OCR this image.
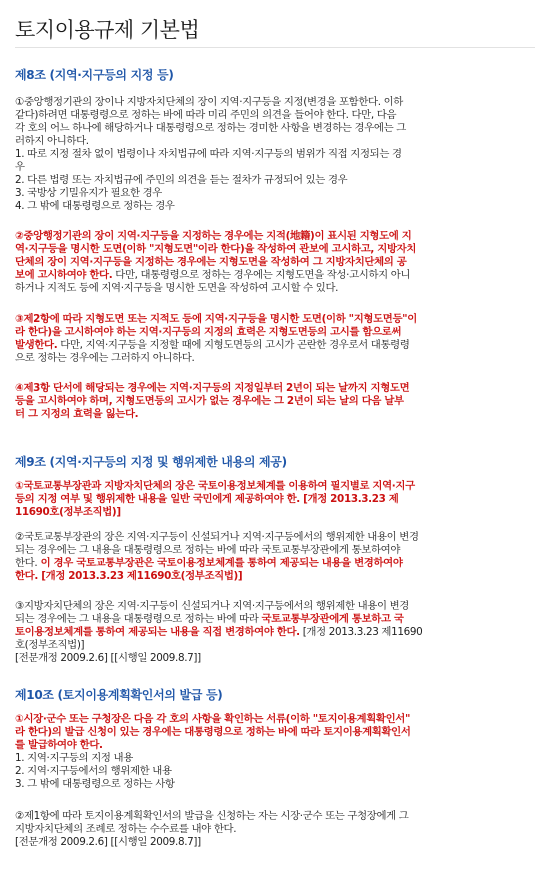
토지이용규제 기본법
제8조 (지역·지구등의 지정 등)
①중앙행정기관의 장이나 지방자치단체의 장이 지역·지구등을 지정(변경을 포함한다. 이하
같다)하려면 대통령령으로 정하는 바에 따라 미리 주민의 의견을 들어야 한다. 다만, 다음
각 호의 어느 하나에 해당하거나 대통령령으로 정하는 경미한 사항을 변경하는 경우에는 그
러하지 아니하다.
1. 따로 지정 절차 없이 법령이나 자치법규에 따라 지역·지구등의 범위가 직접 지정되는 경
우
2. 다른 법령 또는 자치법규에 주민의 의견을 듣는 절차가 규정되어 있는 경우
3. 국방상 기밀유지가 필요한 경우
4. 그 밖에 대통령령으로 정하는 경우
②중앙행정기관의 장이 지역·지구등을 지정하는 경우에는 지적(地籍)이 표시된 지형도에 지
역·지구등을 명시한 도면(이하 "지형도면"이라 한다)을 작성하여 관보에 고시하고, 지방자치
단체의 장이 지역·지구등을 지정하는 경우에는 지형도면을 작성하여 그 지방자치단체의 공
보에 고시하여야 한다. 다만, 대통령령으로 정하는 경우에는 지형도면을 작성·고시하지 아니
하거나 지적도 등에 지역·지구등을 명시한 도면을 작성하여 고시할 수 있다.
③제2항에 따라 지형도면 또는 지적도 등에 지역·지구등을 명시한 도면(이하 "지형도면등"이
라 한다)을 고시하여야 하는 지역·지구등의 지정의 효력은 지형도면등의 고시를 함으로써
발생한다. 다만, 지역·지구등을 지정할 때에 지형도면등의 고시가 곤란한 경우로서 대통령령
으로 정하는 경우에는 그러하지 아니하다.
④제3항 단서에 해당되는 경우에는 지역·지구등의 지정일부터 2년이 되는 날까지 지형도면
등을 고시하여야 하며, 지형도면등의 고시가 없는 경우에는 그 2년이 되는 날의 다음 날부
터 그 지정의 효력을 잃는다.
제9조 (지역·지구등의 지정 및 행위제한 내용의 제공)
①국토교통부장관과 지방자치단체의 장은 국토이용정보체계를 이용하여 필지별로 지역·지구
등의 지정 여부 및 행위제한 내용을 일반 국민에게 제공하여야 한. [개정 2013.3.23 제
11690호(정부조직법)]
②국토교통부장관의 장은 지역·지구등이 신설되거나 지역·지구등에서의 행위제한 내용이 변경
되는 경우에는 그 내용을 대통령령으로 정하는 바에 따라 국토교통부장관에게 통보하여야
한다. 이 경우 국토교통부장관은 국토이용정보체계를 통하여 제공되는 내용을 변경하여야
한다. [개정 2013.3.23 제11690호(정부조직법)]
③지방자치단체의 장은 지역·지구등이 신설되거나 지역·지구등에서의 행위제한 내용이 변경
되는 경우에는 그 내용을 대통령령으로 정하는 바에 따라 국토교통부장관에게 통보하고 국
토이용정보체계를 통하여 제공되는 내용을 직접 변경하여야 한다. [개정 2013.3.23 제11690
호(정부조직법)]
[전문개정 2009.2.6] [[시행일 2009.8.7]]
제10조 (토지이용계획확인서의 발급 등)
①시장·군수 또는 구청장은 다음 각 호의 사항을 확인하는 서류(이하 "토지이용계획확인서"
라 한다)의 발급 신청이 있는 경우에는 대통령령으로 정하는 바에 따라 토지이용계획확인서
를 발급하여야 한다.
1. 지역·지구등의 지정 내용
2. 지역·지구등에서의 행위제한 내용
3. 그 밖에 대통령령으로 정하는 사항
②제1항에 따라 토지이용계획확인서의 발급을 신청하는 자는 시장·군수 또는 구청장에게 그
지방자치단체의 조례로 정하는 수수료를 내야 한다.
[전문개정 2009.2.6] [[시행일 2009.8.7]]
